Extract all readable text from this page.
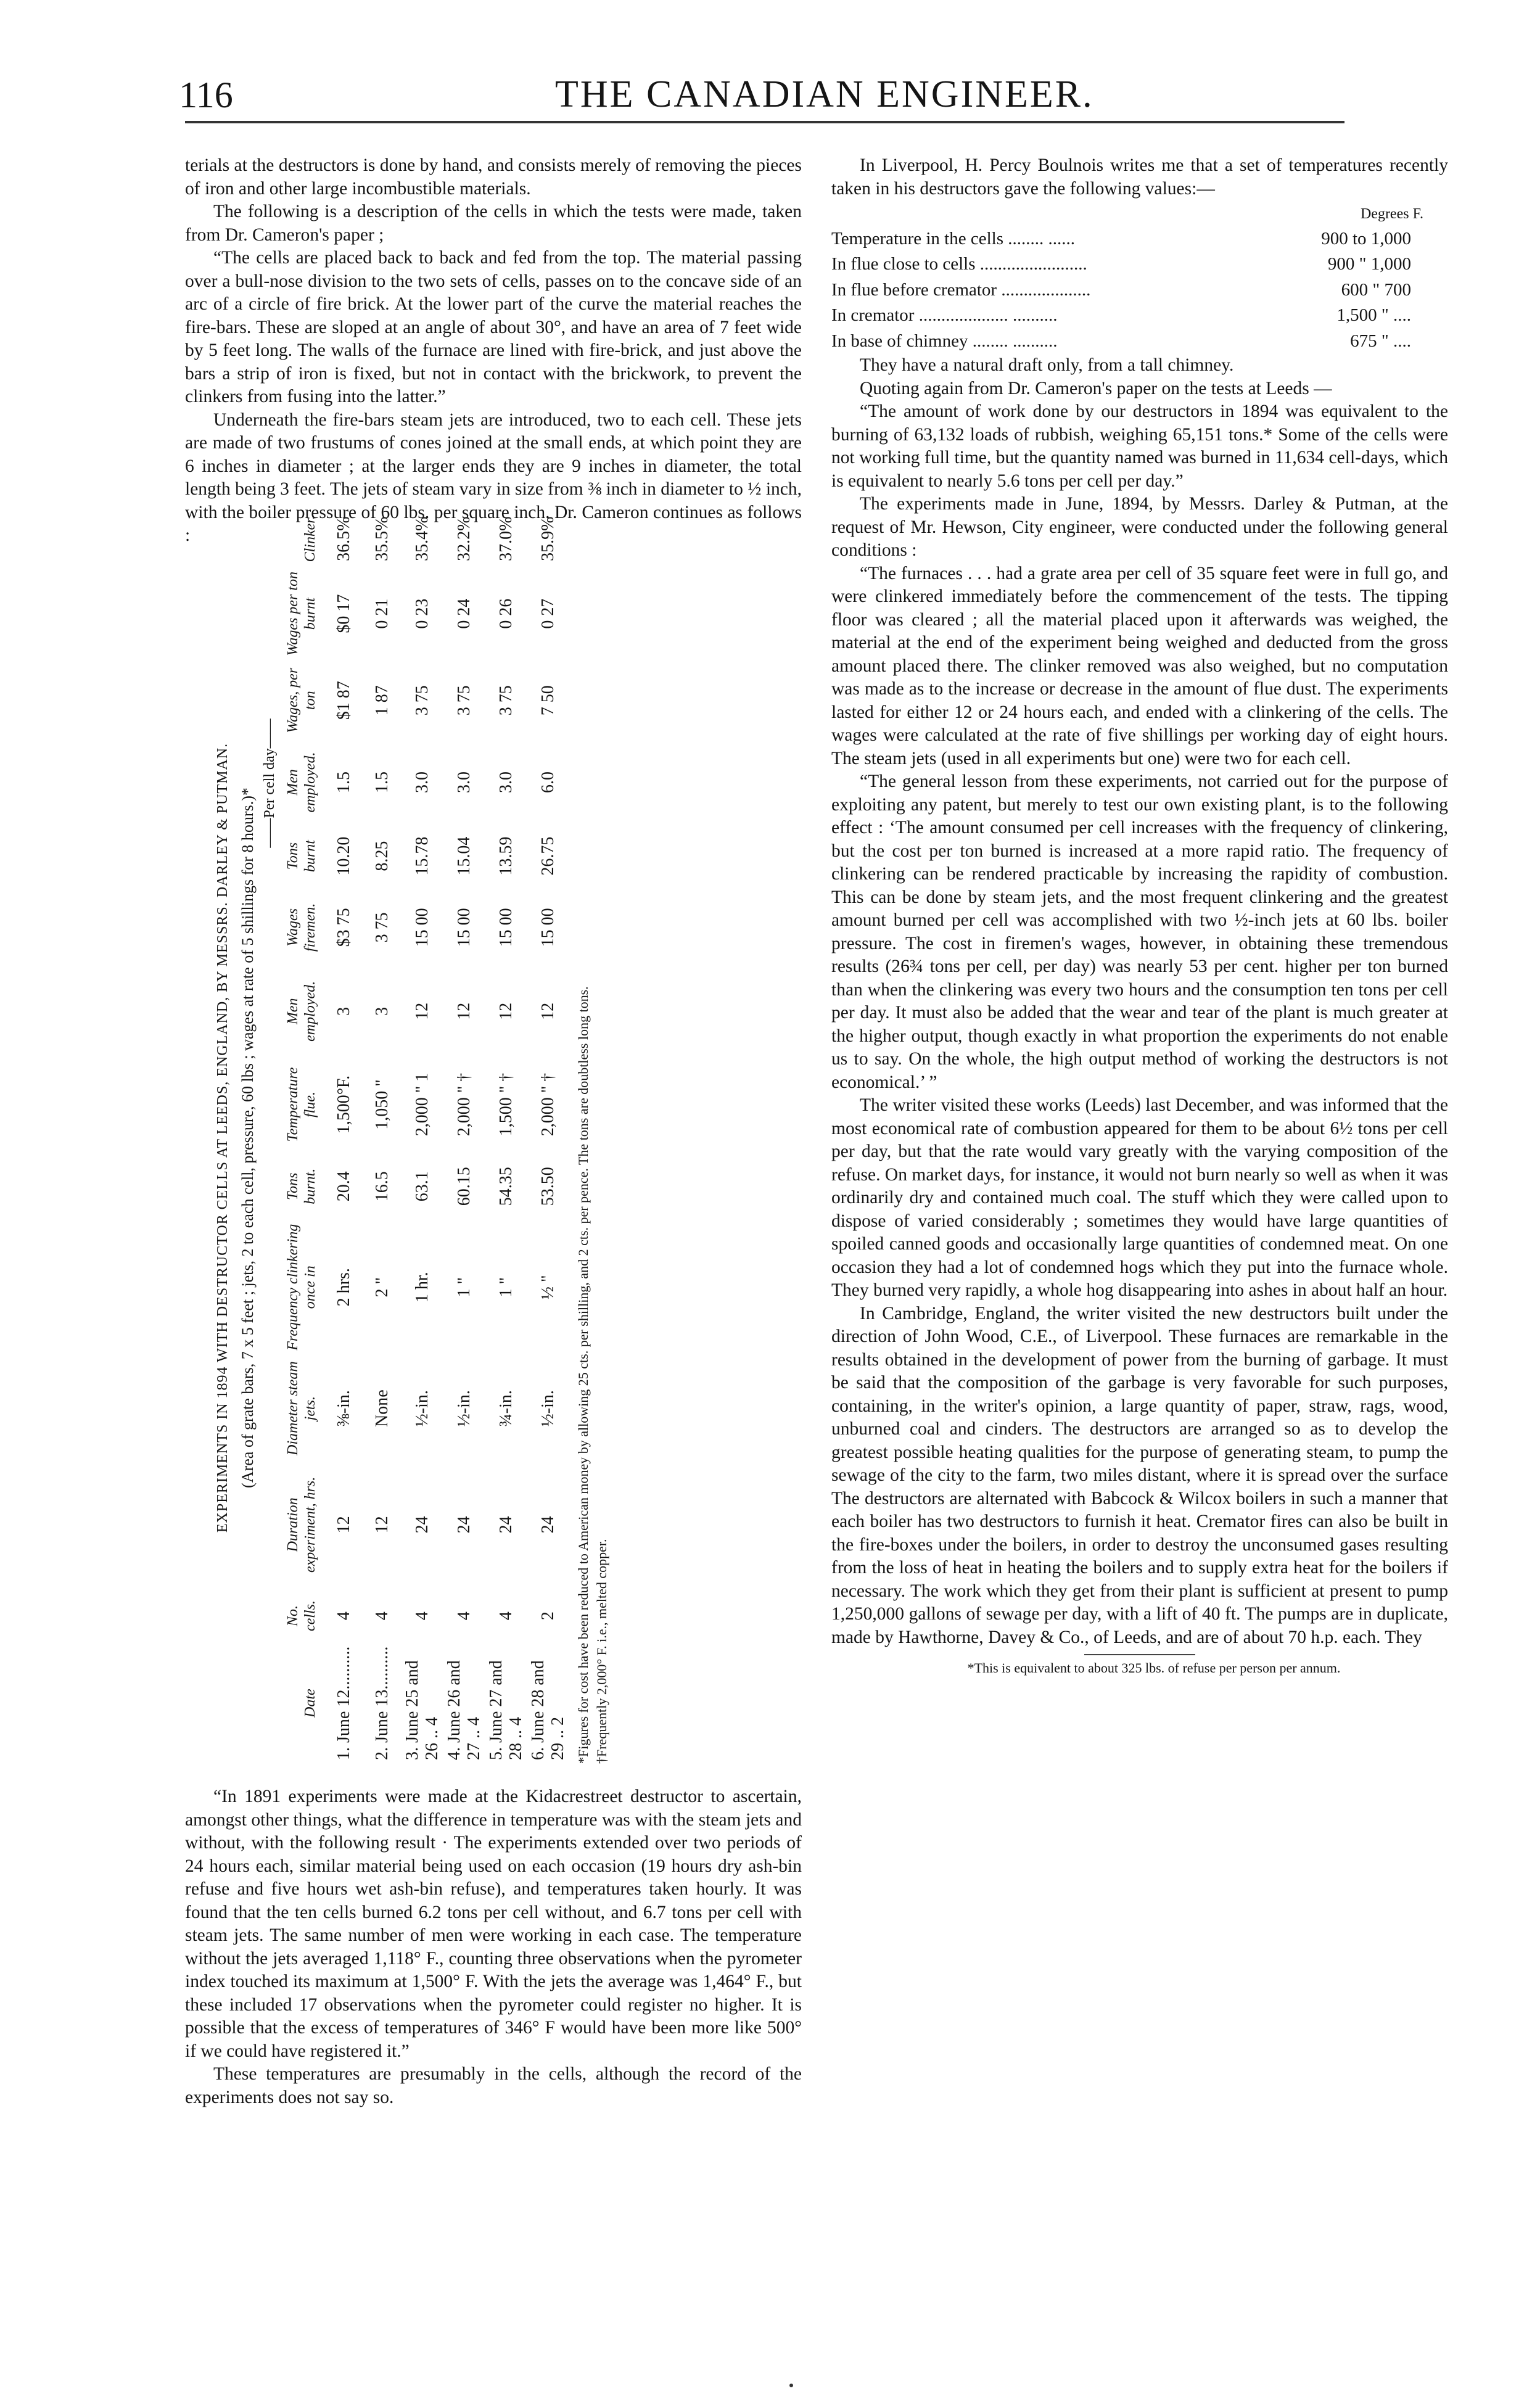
116	THE CANADIAN ENGINEER.

terials at the destructors is done by hand, and consists merely of removing the pieces of iron and other large incombustible materials.

The following is a description of the cells in which the tests were made, taken from Dr. Cameron's paper ;

“The cells are placed back to back and fed from the top. The material passing over a bull-nose division to the two sets of cells, passes on to the concave side of an arc of a circle of fire brick. At the lower part of the curve the material reaches the fire-bars. These are sloped at an angle of about 30°, and have an area of 7 feet wide by 5 feet long. The walls of the furnace are lined with fire-brick, and just above the bars a strip of iron is fixed, but not in contact with the brickwork, to prevent the clinkers from fusing into the latter.”

Underneath the fire-bars steam jets are introduced, two to each cell. These jets are made of two frustums of cones joined at the small ends, at which point they are 6 inches in diameter ; at the larger ends they are 9 inches in diameter, the total length being 3 feet. The jets of steam vary in size from ⅜ inch in diameter to ½ inch, with the boiler pressure of 60 lbs. per square inch. Dr. Cameron continues as follows :

EXPERIMENTS IN 1894 WITH DESTRUCTOR CELLS AT LEEDS, ENGLAND, BY MESSRS. DARLEY & PUTMAN. (Area of grate bars, 7 x 5 feet ; jets, 2 to each cell, pressure, 60 lbs ; wages at rate of 5 shillings for 8 hours.)*
——Per cell day——
Date	No. cells.	Duration experiment, hrs.	Diameter steam jets.	Frequency clinkering once in	Tons burnt.	Temperature flue.	Men employed.	Wages firemen.	Tons burnt	Men employed.	Wages, per ton	Wages per ton burnt	Clinker.
1. June 12..........	4	12	⅜-in.	2 hrs.	20.4	1,500°F.	3	$3 75	10.20	1.5	$1 87	$0 17	36.5%
2. June 13..........	4	12	None	2 "	16.5	1,050 "	3	3 75	8.25	1.5	1 87	0 21	35.5%
3. June 25 and 26 .. 4	4	24	½-in.	1 hr.	63.1	2,000 " 1	12	15 00	15.78	3.0	3 75	0 23	35.4%
4. June 26 and 27 .. 4	4	24	½-in.	1 "	60.15	2,000 " †	12	15 00	15.04	3.0	3 75	0 24	32.2%
5. June 27 and 28 .. 4	4	24	¾-in.	1 "	54.35	1,500 " †	12	15 00	13.59	3.0	3 75	0 26	37.0%
6. June 28 and 29 .. 2	2	24	½-in.	½ "	53.50	2,000 " †	12	15 00	26.75	6.0	7 50	0 27	35.9%
*Figures for cost have been reduced to American money by allowing 25 cts. per shilling, and 2 cts. per pence. The tons are doubtless long tons. †Frequently 2,000° F. i.e., melted copper.

“In 1891 experiments were made at the Kidacrestreet destructor to ascertain, amongst other things, what the difference in temperature was with the steam jets and without, with the following result · The experiments extended over two periods of 24 hours each, similar material being used on each occasion (19 hours dry ash-bin refuse and five hours wet ash-bin refuse), and temperatures taken hourly. It was found that the ten cells burned 6.2 tons per cell without, and 6.7 tons per cell with steam jets. The same number of men were working in each case. The temperature without the jets averaged 1,118° F., counting three observations when the pyrometer index touched its maximum at 1,500° F. With the jets the average was 1,464° F., but these included 17 observations when the pyrometer could register no higher. It is possible that the excess of temperatures of 346° F would have been more like 500° if we could have registered it.”

These temperatures are presumably in the cells, although the record of the experiments does not say so.

In Liverpool, H. Percy Boulnois writes me that a set of temperatures recently taken in his destructors gave the following values:—

Degrees F.
Temperature in the cells ........ ......	900 to 1,000
In flue close to cells ........................	900 " 1,000
In flue before cremator ....................	600 " 700
In cremator .................... ..........	1,500 " ....
In base of chimney ........ ..........	675 " ....

They have a natural draft only, from a tall chimney.

Quoting again from Dr. Cameron's paper on the tests at Leeds —

“The amount of work done by our destructors in 1894 was equivalent to the burning of 63,132 loads of rubbish, weighing 65,151 tons.* Some of the cells were not working full time, but the quantity named was burned in 11,634 cell-days, which is equivalent to nearly 5.6 tons per cell per day.”

The experiments made in June, 1894, by Messrs. Darley & Putman, at the request of Mr. Hewson, City engineer, were conducted under the following general conditions :

“The furnaces . . . had a grate area per cell of 35 square feet were in full go, and were clinkered immediately before the commencement of the tests. The tipping floor was cleared ; all the material placed upon it afterwards was weighed, the material at the end of the experiment being weighed and deducted from the gross amount placed there. The clinker removed was also weighed, but no computation was made as to the increase or decrease in the amount of flue dust. The experiments lasted for either 12 or 24 hours each, and ended with a clinkering of the cells. The wages were calculated at the rate of five shillings per working day of eight hours. The steam jets (used in all experiments but one) were two for each cell.

“The general lesson from these experiments, not carried out for the purpose of exploiting any patent, but merely to test our own existing plant, is to the following effect : ‘The amount consumed per cell increases with the frequency of clinkering, but the cost per ton burned is increased at a more rapid ratio. The frequency of clinkering can be rendered practicable by increasing the rapidity of combustion. This can be done by steam jets, and the most frequent clinkering and the greatest amount burned per cell was accomplished with two ½-inch jets at 60 lbs. boiler pressure. The cost in firemen's wages, however, in obtaining these tremendous results (26¾ tons per cell, per day) was nearly 53 per cent. higher per ton burned than when the clinkering was every two hours and the consumption ten tons per cell per day. It must also be added that the wear and tear of the plant is much greater at the higher output, though exactly in what proportion the experiments do not enable us to say. On the whole, the high output method of working the destructors is not economical.’ ”

The writer visited these works (Leeds) last December, and was informed that the most economical rate of combustion appeared for them to be about 6½ tons per cell per day, but that the rate would vary greatly with the varying composition of the refuse. On market days, for instance, it would not burn nearly so well as when it was ordinarily dry and contained much coal. The stuff which they were called upon to dispose of varied considerably ; sometimes they would have large quantities of spoiled canned goods and occasionally large quantities of condemned meat. On one occasion they had a lot of condemned hogs which they put into the furnace whole. They burned very rapidly, a whole hog disappearing into ashes in about half an hour.

In Cambridge, England, the writer visited the new destructors built under the direction of John Wood, C.E., of Liverpool. These furnaces are remarkable in the results obtained in the development of power from the burning of garbage. It must be said that the composition of the garbage is very favorable for such purposes, containing, in the writer's opinion, a large quantity of paper, straw, rags, wood, unburned coal and cinders. The destructors are arranged so as to develop the greatest possible heating qualities for the purpose of generating steam, to pump the sewage of the city to the farm, two miles distant, where it is spread over the surface The destructors are alternated with Babcock & Wilcox boilers in such a manner that each boiler has two destructors to furnish it heat. Cremator fires can also be built in the fire-boxes under the boilers, in order to destroy the unconsumed gases resulting from the loss of heat in heating the boilers and to supply extra heat for the boilers if necessary. The work which they get from their plant is sufficient at present to pump 1,250,000 gallons of sewage per day, with a lift of 40 ft. The pumps are in duplicate, made by Hawthorne, Davey & Co., of Leeds, and are of about 70 h.p. each. They

*This is equivalent to about 325 lbs. of refuse per person per annum.
